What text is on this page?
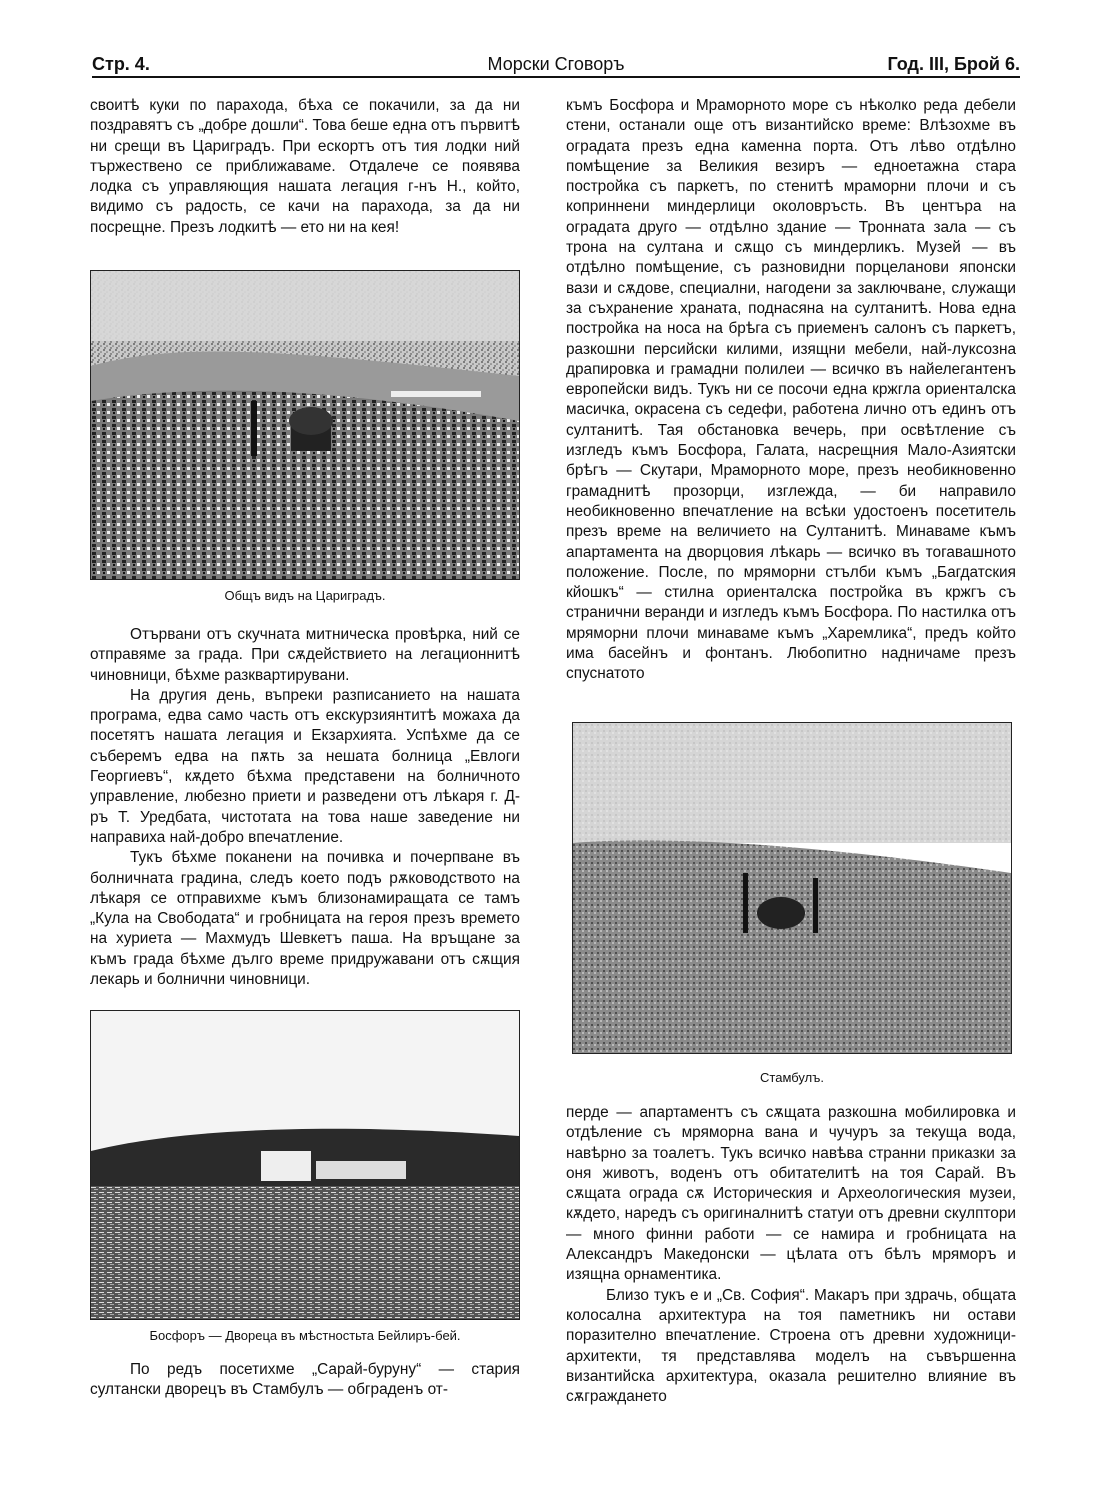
Стр. 4.	Морски Сговоръ	Год. III, Брой 6.

своитѣ куки по парахода, бѣха се покачили, за да ни поздравятъ съ „добре дошли“. Това беше една отъ първитѣ ни срещи въ Цариградъ. При ескортъ отъ тия лодки ний тържествено се приближаваме. Отдалече се появява лодка съ управляющия нашата легация г-нъ Н., който, видимо съ радость, се качи на парахода, за да ни посрещне. Презъ лодкитѣ — ето ни на кея!

Общъ видъ на Цариградъ.

Отървани отъ скучната митническа провѣрка, ний се отправяме за града. При сѫдействието на легационнитѣ чиновници, бѣхме разквартирувани.

На другия день, въпреки разписанието на нашата програма, едва само часть отъ екскурзиянтитѣ можаха да посетятъ нашата легация и Екзархията. Успѣхме да се съберемъ едва на пѫть за нешата болница „Евлоги Георгиевъ“, кѫдето бѣхма представени на болничното управление, любезно приети и разведени отъ лѣкаря г. Д-ръ Т. Уредбата, чистотата на това наше заведение ни направиха най-добро впечатление.

Тукъ бѣхме поканени на почивка и почерпване въ болничната градина, следъ което подъ рѫководството на лѣкаря се отправихме къмъ близонамиращата се тамъ „Кула на Свободата“ и гробницата на героя презъ времето на хуриета — Махмудъ Шевкетъ паша. На връщане за къмъ града бѣхме дълго време придружавани отъ сѫщия лекарь и болнични чиновници.

Босфоръ — Двореца въ мѣстностьта Бейлиръ-бей.

По редъ посетихме „Сарай-буруну“ — стария султански дворецъ въ Стамбулъ — обграденъ от-

къмъ Босфора и Мраморното море съ нѣколко реда дебели стени, останали още отъ византийско време: Влѣзохме въ оградата презъ една каменна порта. Отъ лѣво отдѣлно помѣщение за Великия везиръ — едноетажна стара постройка съ паркетъ, по стенитѣ мраморни плочи и съ коприннени миндерлици околовръсть. Въ центъра на оградата друго — отдѣлно здание — Тронната зала — съ трона на султана и сѫщо съ миндерликъ. Музей — въ отдѣлно помѣщение, съ разновидни порцеланови японски вази и сѫдове, специални, нагодени за заключване, служащи за съхранение храната, поднасяна на султанитѣ. Нова една постройка на носа на брѣга съ приеменъ салонъ съ паркетъ, разкошни персийски килими, изящни мебели, най-луксозна драпировка и грамадни полилеи — всичко въ найелегантенъ европейски видъ. Тукъ ни се посочи една кржгла ориенталска масичка, окрасена съ седефи, работена лично отъ единъ отъ султанитѣ. Тая обстановка вечерь, при освѣтление съ изгледъ къмъ Босфора, Галата, насрещния Мало-Азиятски брѣгъ — Скутари, Мраморното море, презъ необикновенно грамаднитѣ прозорци, изглежда, — би направило необикновенно впечатление на всѣки удостоенъ посетитель презъ време на величието на Султанитѣ. Минаваме къмъ апартамента на дворцовия лѣкарь — всичко въ тогавашното положение. После, по мряморни стълби къмъ „Багдатския кйошкъ“ — стилна ориенталска постройка въ кржгъ съ странични веранди и изгледъ къмъ Босфора. По настилка отъ мряморни плочи минаваме къмъ „Харемлика“, предъ който има басейнъ и фонтанъ. Любопитно надничаме презъ спуснатото

Стамбулъ.

перде — апартаментъ съ сѫщата разкошна мобилировка и отдѣление съ мрямoрна вана и чучуръ за текуща вода, навѣрно за тоалетъ. Тукъ всичко навѣва странни приказки за оня животъ, воденъ отъ обитателитѣ на тоя Сарай. Въ сѫщата ограда сѫ Историческия и Археологическия музеи, кѫдето, наредъ съ оригиналнитѣ статуи отъ древни скулптори — много финни работи — се намира и гробницата на Александръ Македонски — цѣлата отъ бѣлъ мряморъ и изящна орнаментика.

Близо тукъ е и „Св. София“. Макаръ при здрачь, общата колосална архитектура на тоя паметникъ ни остави поразително впечатление. Строена отъ древни художници-архитекти, тя представлява моделъ на съвършенна византийска архитектура, оказала решително влияние въ сѫграждането
